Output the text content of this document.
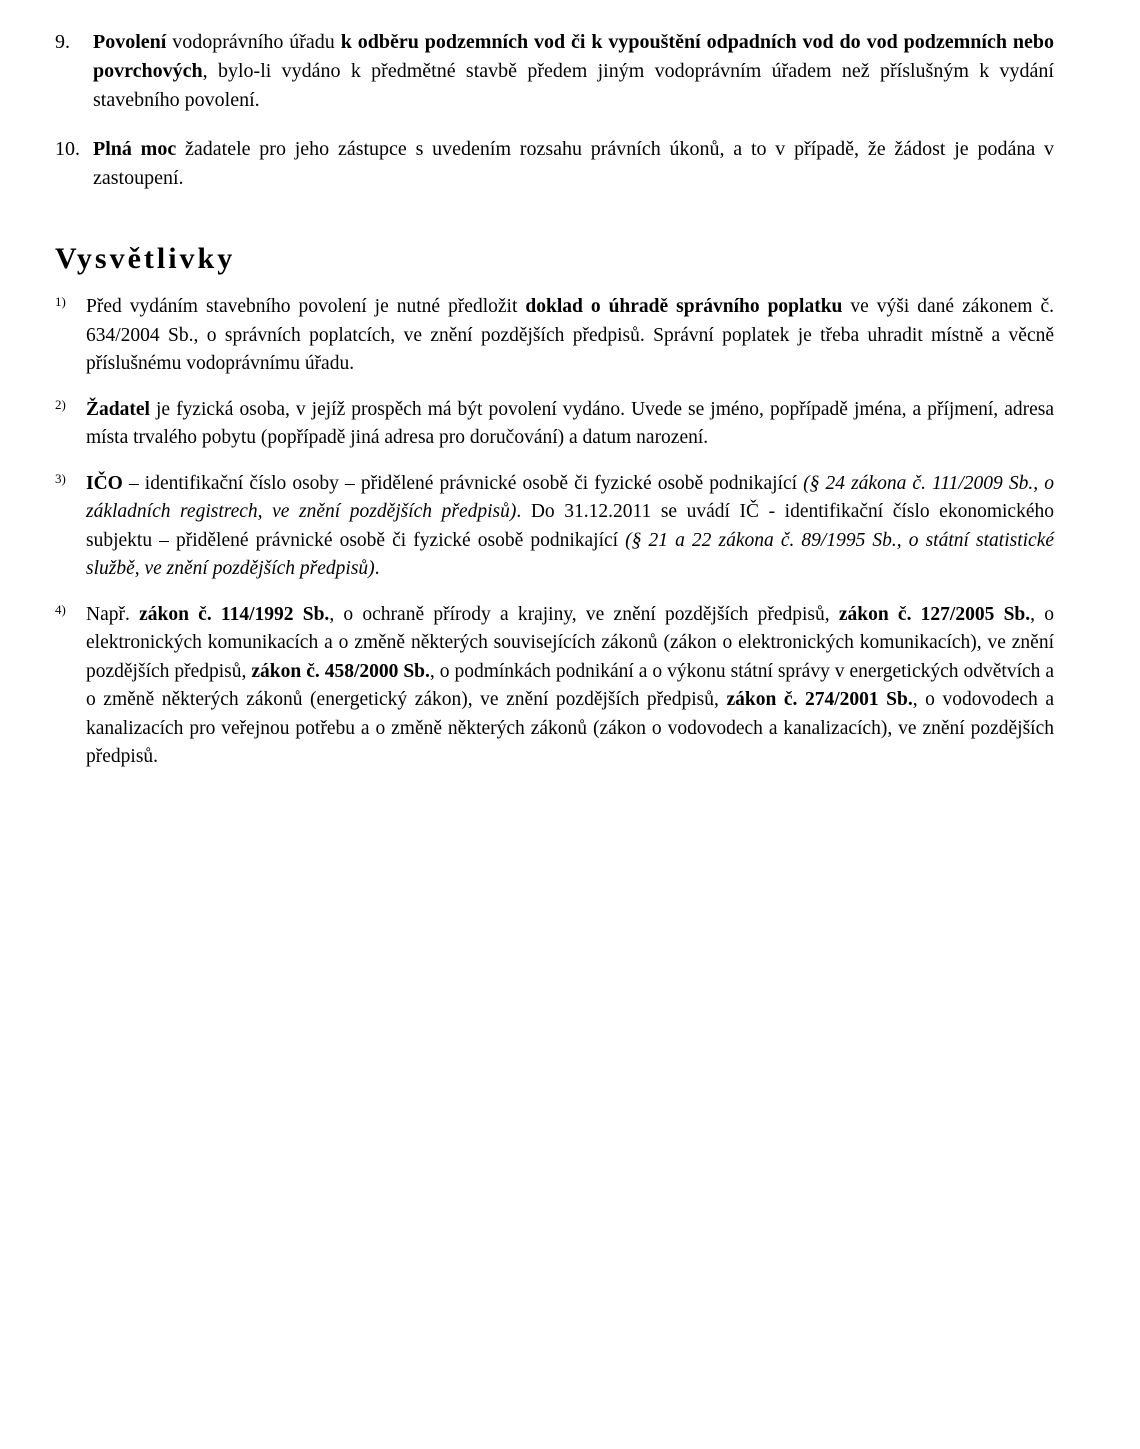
9.	Povolení vodoprávního úřadu k odběru podzemních vod či k vypouštění odpadních vod do vod podzemních nebo povrchových, bylo-li vydáno k předmětné stavbě předem jiným vodoprávním úřadem než příslušným k vydání stavebního povolení.

10. Plná moc žadatele pro jeho zástupce s uvedením rozsahu právních úkonů, a to v případě, že žádost je podána v zastoupení.

Vysvětlivky
1)	Před vydáním stavebního povolení je nutné předložit doklad o úhradě správního poplatku ve výši dané zákonem č. 634/2004 Sb., o správních poplatcích, ve znění pozdějších předpisů. Správní poplatek je třeba uhradit místně a věcně příslušnému vodoprávnímu úřadu.

2)	Žadatel je fyzická osoba, v jejíž prospěch má být povolení vydáno. Uvede se jméno, popřípadě jména, a příjmení, adresa místa trvalého pobytu (popřípadě jiná adresa pro doručování) a datum narození.

3)	IČO – identifikační číslo osoby – přidělené právnické osobě či fyzické osobě podnikající (§ 24 zákona č. 111/2009 Sb., o základních registrech, ve znění pozdějších předpisů). Do 31.12.2011 se uvádí IČ - identifikační číslo ekonomického subjektu – přidělené právnické osobě či fyzické osobě podnikající (§ 21 a 22 zákona č. 89/1995 Sb., o státní statistické službě, ve znění pozdějších předpisů).

4)	Např. zákon č. 114/1992 Sb., o ochraně přírody a krajiny, ve znění pozdějších předpisů, zákon č. 127/2005 Sb., o elektronických komunikacích a o změně některých souvisejících zákonů (zákon o elektronických komunikacích), ve znění pozdějších předpisů, zákon č. 458/2000 Sb., o podmínkách podnikání a o výkonu státní správy v energetických odvětvích a o změně některých zákonů (energetický zákon), ve znění pozdějších předpisů, zákon č. 274/2001 Sb., o vodovodech a kanalizacích pro veřejnou potřebu a o změně některých zákonů (zákon o vodovodech a kanalizacích), ve znění pozdějších předpisů.
